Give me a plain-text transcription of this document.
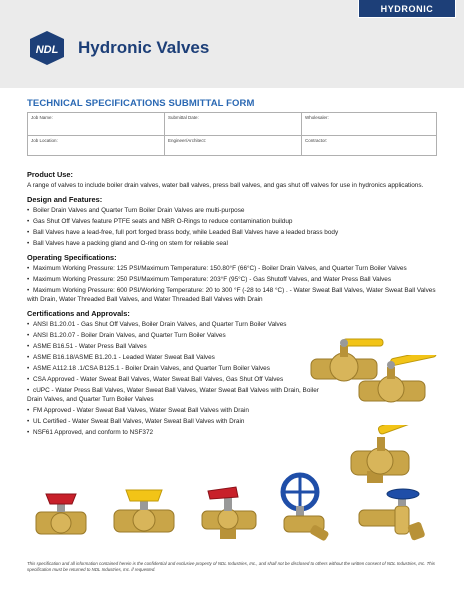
HYDRONIC
NDL Hydronic Valves
TECHNICAL SPECIFICATIONS SUBMITTAL FORM
Job Name:	Submittal Date:	Wholesaler:
Job Location:	Engineer/Architect:	Contractor:
Product Use:
A range of valves to include boiler drain valves, water ball valves, press ball valves, and gas shut off valves for use in hydronics applications.
Design and Features:
• Boiler Drain Valves and Quarter Turn Boiler Drain Valves are multi-purpose
• Gas Shut Off Valves feature PTFE seats and NBR O-Rings to reduce contamination buildup
• Ball Valves have a lead-free, full port forged brass body, while Leaded Ball Valves have a leaded brass body
• Ball Valves have a packing gland and O-ring on stem for reliable seal
Operating Specifications:
• Maximum Working Pressure: 125 PSI/Maximum Temperature: 150.80°F (66°C) - Boiler Drain Valves, and Quarter Turn Boiler Valves
• Maximum Working Pressure: 250 PSI/Maximum Temperature: 203°F (95°C) - Gas Shutoff Valves, and Water Press Ball Valves
• Maximum Working Pressure: 600 PSI/Working Temperature: 20 to 300 °F (-28 to 148 °C) . - Water Sweat Ball Valves, Water Sweat Ball Valves with Drain, Water Threaded Ball Valves, and Water Threaded Ball Valves with Drain
Certifications and Approvals:
• ANSI B1.20.01 - Gas Shut Off Valves, Boiler Drain Valves, and Quarter Turn Boiler Valves
• ANSI B1.20.07 - Boiler Drain Valves, and Quarter Turn Boiler Valves
• ASME B16.51 - Water Press Ball Valves
• ASME B16.18/ASME B1.20.1 - Leaded Water Sweat Ball Valves
• ASME A112.18 .1/CSA B125.1 - Boiler Drain Valves, and Quarter Turn Boiler Valves
• CSA Approved - Water Sweat Ball Valves, Water Sweat Ball Valves, Gas Shut Off Valves
• cUPC - Water Press Ball Valves, Water Sweat Ball Valves, Water Sweat Ball Valves with Drain, Boiler Drain Valves, and Quarter Turn Boiler Valves
• FM Approved - Water Sweat Ball Valves, Water Sweat Ball Valves with Drain
• UL Certified - Water Sweat Ball Valves, Water Sweat Ball Valves with Drain
• NSF61 Approved, and conform to NSF372
This specification and all information contained herein is the confidential and exclusive property of NDL Industries, Inc., and shall not be disclosed to others without the written consent of NDL Industries, Inc. This specification must be returned to NDL Industries, Inc. if requested.
